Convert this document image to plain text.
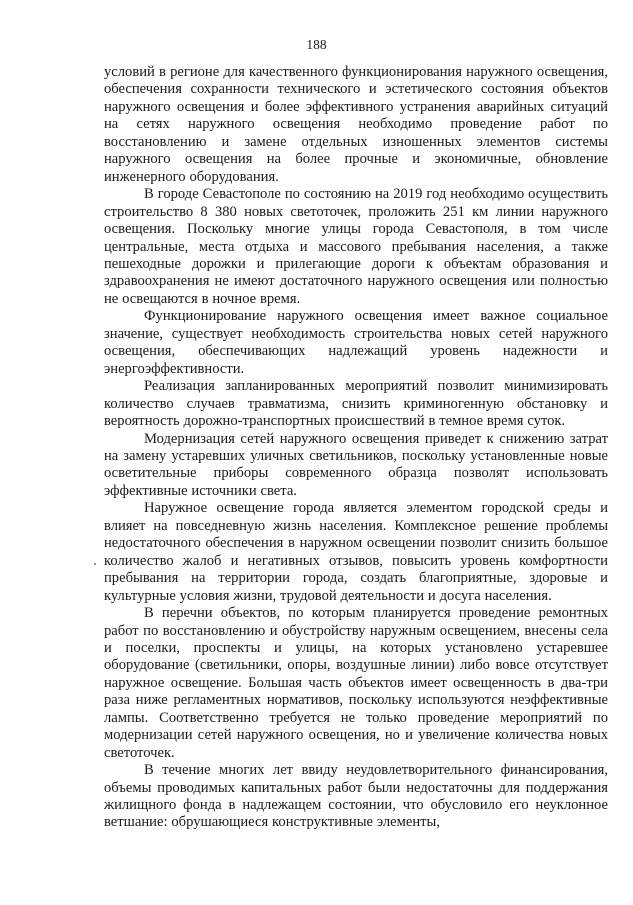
188

условий в регионе для качественного функционирования наружного освещения, обеспечения сохранности технического и эстетического состояния объектов наружного освещения и более эффективного устранения аварийных ситуаций на сетях наружного освещения необходимо проведение работ по восстановлению и замене отдельных изношенных элементов системы наружного освещения на более прочные и экономичные, обновление инженерного оборудования.

В городе Севастополе по состоянию на 2019 год необходимо осуществить строительство 8 380 новых светоточек, проложить 251 км линии наружного освещения. Поскольку многие улицы города Севастополя, в том числе центральные, места отдыха и массового пребывания населения, а также пешеходные дорожки и прилегающие дороги к объектам образования и здравоохранения не имеют достаточного наружного освещения или полностью не освещаются в ночное время.

Функционирование наружного освещения имеет важное социальное значение, существует необходимость строительства новых сетей наружного освещения, обеспечивающих надлежащий уровень надежности и энергоэффективности.

Реализация запланированных мероприятий позволит минимизировать количество случаев травматизма, снизить криминогенную обстановку и вероятность дорожно-транспортных происшествий в темное время суток.

Модернизация сетей наружного освещения приведет к снижению затрат на замену устаревших уличных светильников, поскольку установленные новые осветительные приборы современного образца позволят использовать эффективные источники света.

Наружное освещение города является элементом городской среды и влияет на повседневную жизнь населения. Комплексное решение проблемы недостаточного обеспечения в наружном освещении позволит снизить большое количество жалоб и негативных отзывов, повысить уровень комфортности пребывания на территории города, создать благоприятные, здоровые и культурные условия жизни, трудовой деятельности и досуга населения.

В перечни объектов, по которым планируется проведение ремонтных работ по восстановлению и обустройству наружным освещением, внесены села и поселки, проспекты и улицы, на которых установлено устаревшее оборудование (светильники, опоры, воздушные линии) либо вовсе отсутствует наружное освещение. Большая часть объектов имеет освещенность в два-три раза ниже регламентных нормативов, поскольку используются неэффективные лампы. Соответственно требуется не только проведение мероприятий по модернизации сетей наружного освещения, но и увеличение количества новых светоточек.

В течение многих лет ввиду неудовлетворительного финансирования, объемы проводимых капитальных работ были недостаточны для поддержания жилищного фонда в надлежащем состоянии, что обусловило его неуклонное ветшание: обрушающиеся конструктивные элементы,
